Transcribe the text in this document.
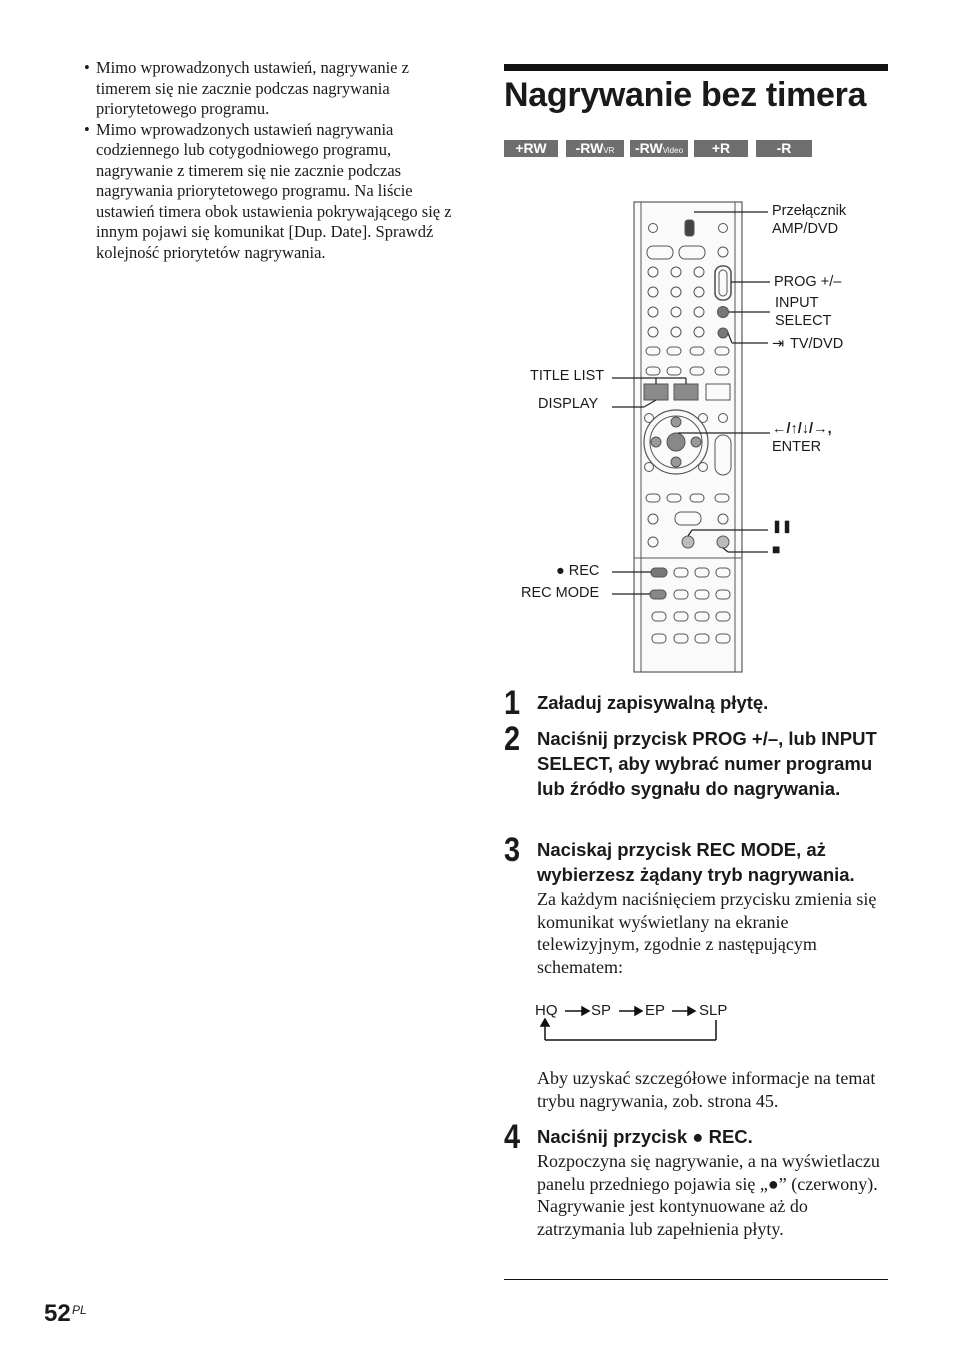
• Mimo wprowadzonych ustawień, nagrywanie z timerem się nie zacznie podczas nagrywania priorytetowego programu.
• Mimo wprowadzonych ustawień nagrywania codziennego lub cotygodniowego programu, nagrywanie z timerem się nie zacznie podczas nagrywania priorytetowego programu. Na liście ustawień timera obok ustawienia pokrywającego się z innym pojawi się komunikat [Dup. Date]. Sprawdź kolejność priorytetów nagrywania.
Nagrywanie bez timera
+RW	-RWVR	-RWVideo	+R	-R
Przełącznik
AMP/DVD
PROG +/–
INPUT
SELECT
⇥ TV/DVD
TITLE LIST
DISPLAY
←/↑/↓/→,
ENTER
❚❚
■
● REC
REC MODE
1 Załaduj zapisywalną płytę.

2 Naciśnij przycisk PROG +/–, lub INPUT SELECT, aby wybrać numer programu lub źródło sygnału do nagrywania.

3 Naciskaj przycisk REC MODE, aż wybierzesz żądany tryb nagrywania.

Za każdym naciśnięciem przycisku zmienia się komunikat wyświetlany na ekranie telewizyjnym, zgodnie z następującym schematem:

HQ SP EP SLP

Aby uzyskać szczegółowe informacje na temat trybu nagrywania, zob. strona 45.

4 Naciśnij przycisk ● REC.

Rozpoczyna się nagrywanie, a na wyświetlaczu panelu przedniego pojawia się „●” (czerwony).

Nagrywanie jest kontynuowane aż do zatrzymania lub zapełnienia płyty.

52 PL
